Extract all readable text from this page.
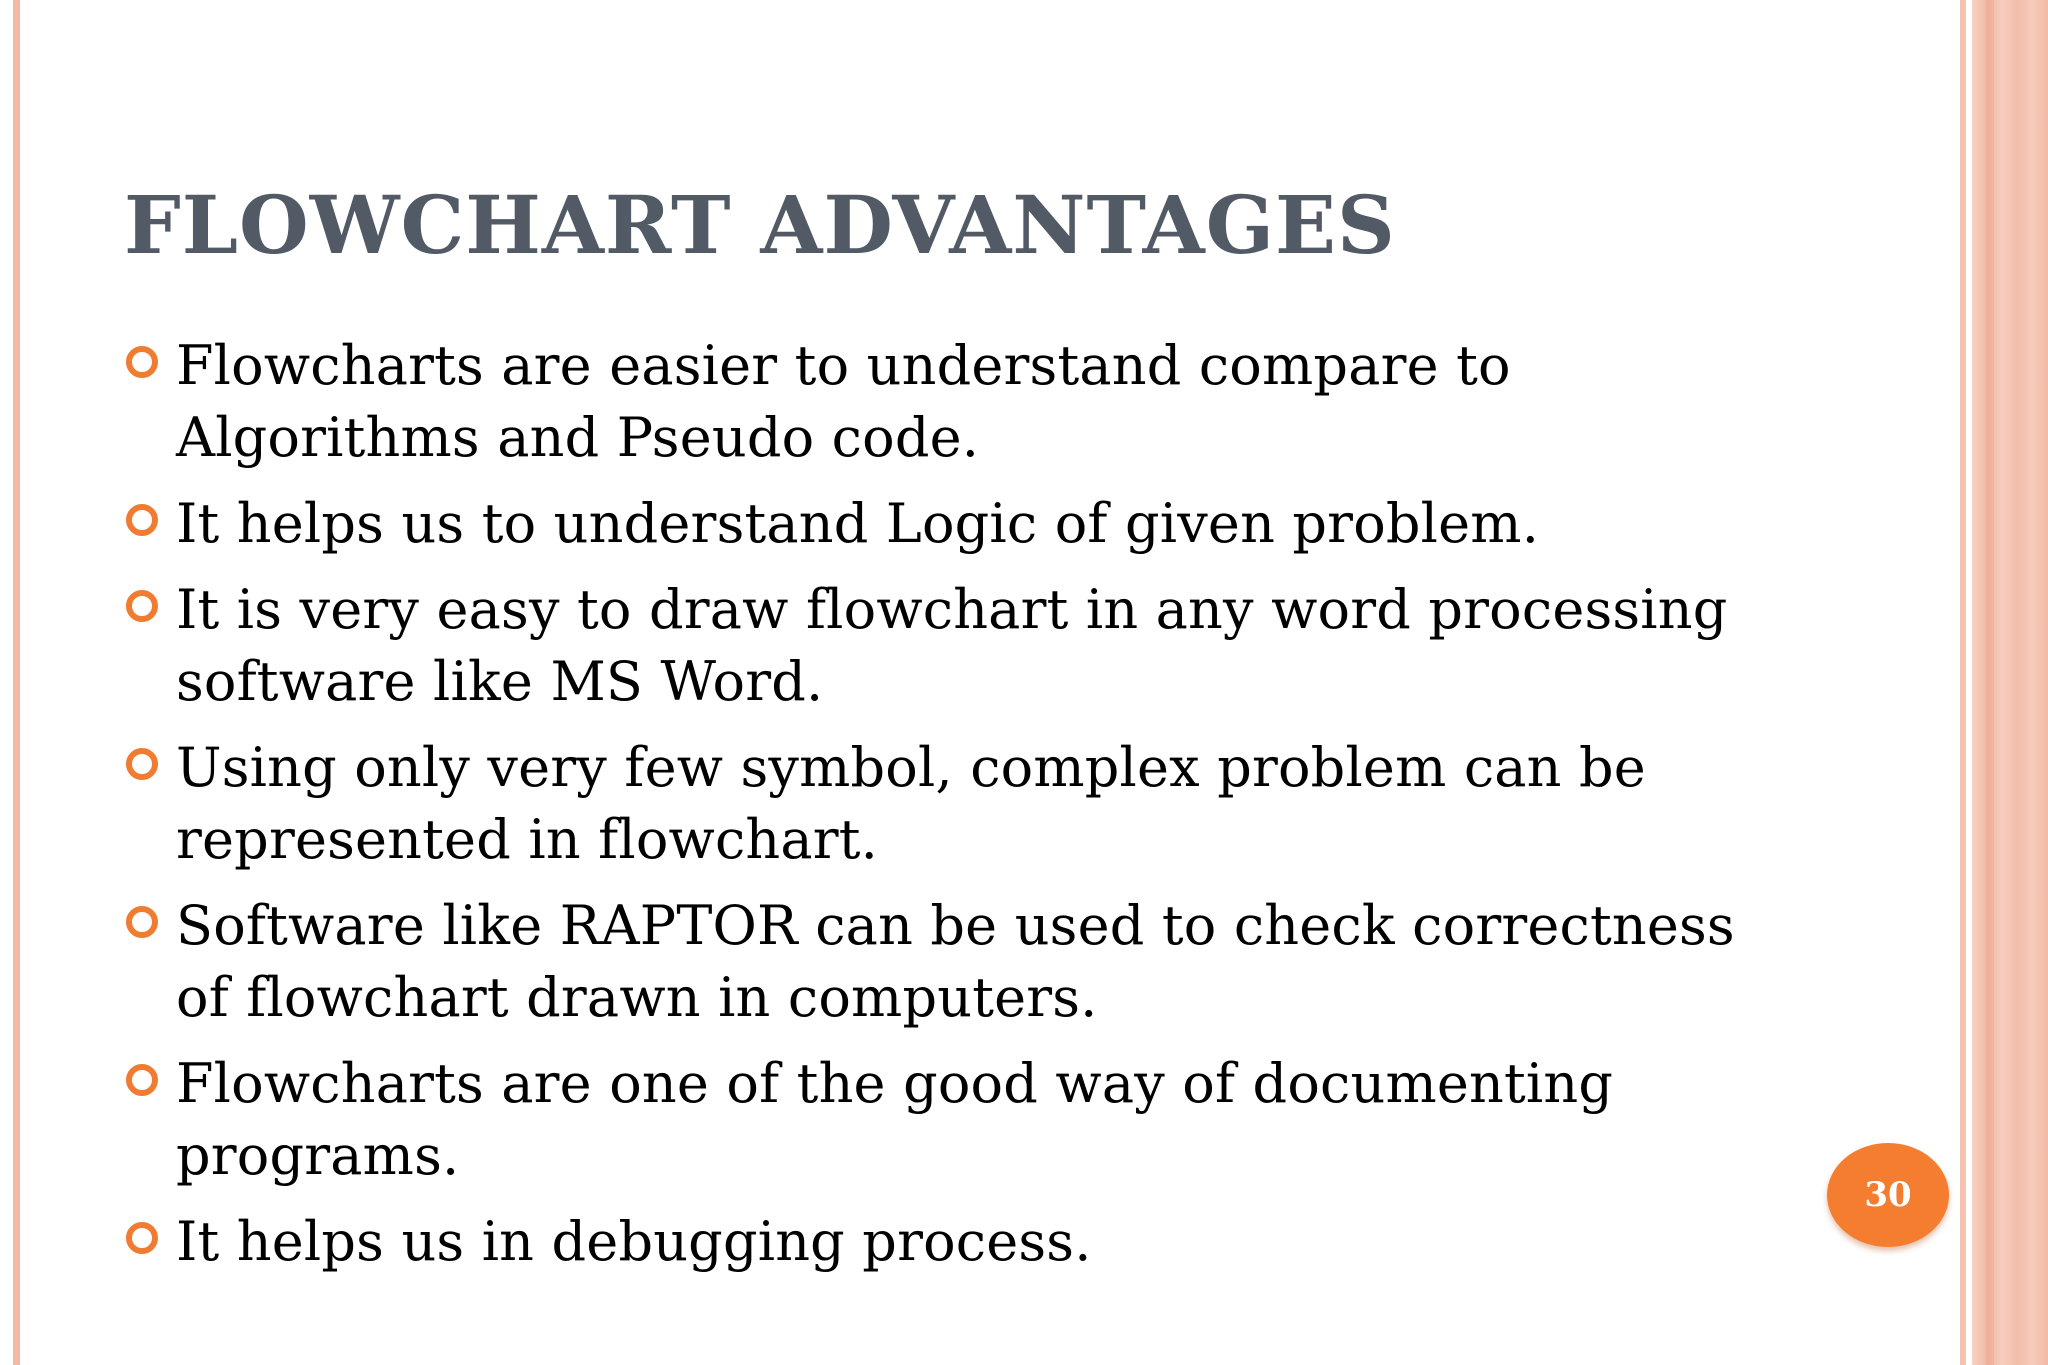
FLOWCHART ADVANTAGES
Flowcharts are easier to understand compare to Algorithms and Pseudo code.
It helps us to understand Logic of given problem.
It is very easy to draw flowchart in any word processing software like MS Word.
Using only very few symbol, complex problem can be represented in flowchart.
Software like RAPTOR can be used to check correctness of flowchart drawn in computers.
Flowcharts are one of the good way of documenting programs.
It helps us in debugging process.
30
